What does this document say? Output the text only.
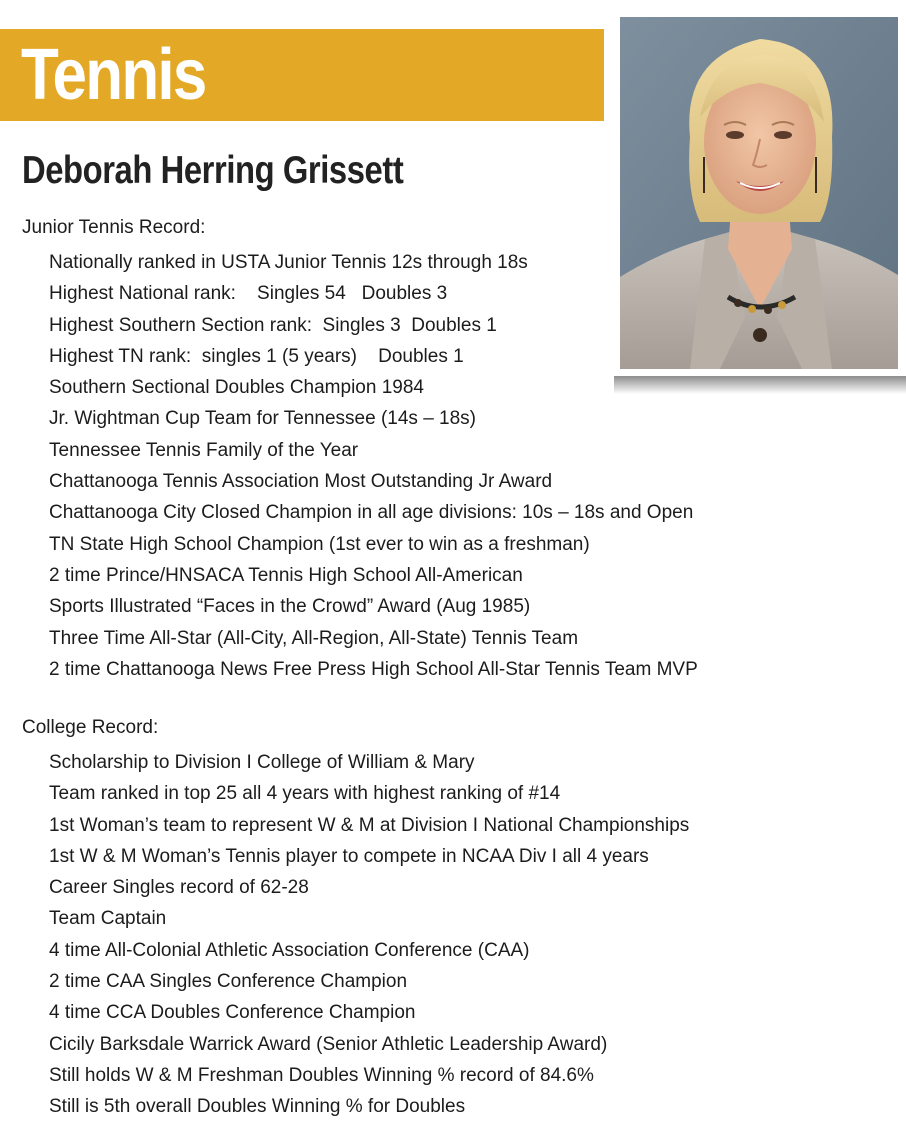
Tennis
Deborah Herring Grissett
Junior Tennis Record:
Nationally ranked in USTA Junior Tennis 12s through 18s
Highest National rank:    Singles 54   Doubles 3
Highest Southern Section rank:  Singles 3  Doubles 1
Highest TN rank:  singles 1 (5 years)    Doubles 1
Southern Sectional Doubles Champion 1984
Jr. Wightman Cup Team for Tennessee (14s – 18s)
Tennessee Tennis Family of the Year
Chattanooga Tennis Association Most Outstanding Jr Award
Chattanooga City Closed Champion in all age divisions: 10s – 18s and Open
TN State High School Champion (1st ever to win as a freshman)
2 time Prince/HNSACA Tennis High School All-American
Sports Illustrated “Faces in the Crowd” Award (Aug 1985)
Three Time All-Star (All-City, All-Region, All-State) Tennis Team
2 time Chattanooga News Free Press High School All-Star Tennis Team MVP
College Record:
Scholarship to Division I College of William & Mary
Team ranked in top 25 all 4 years with highest ranking of #14
1st Woman’s team to represent W & M at Division I National Championships
1st W & M Woman’s Tennis player to compete in NCAA Div I all 4 years
Career Singles record of 62-28
Team Captain
4 time All-Colonial Athletic Association Conference (CAA)
2 time CAA Singles Conference Champion
4 time CCA Doubles Conference Champion
Cicily Barksdale Warrick Award (Senior Athletic Leadership Award)
Still holds W & M Freshman Doubles Winning % record of 84.6%
Still is 5th overall Doubles Winning % for Doubles
